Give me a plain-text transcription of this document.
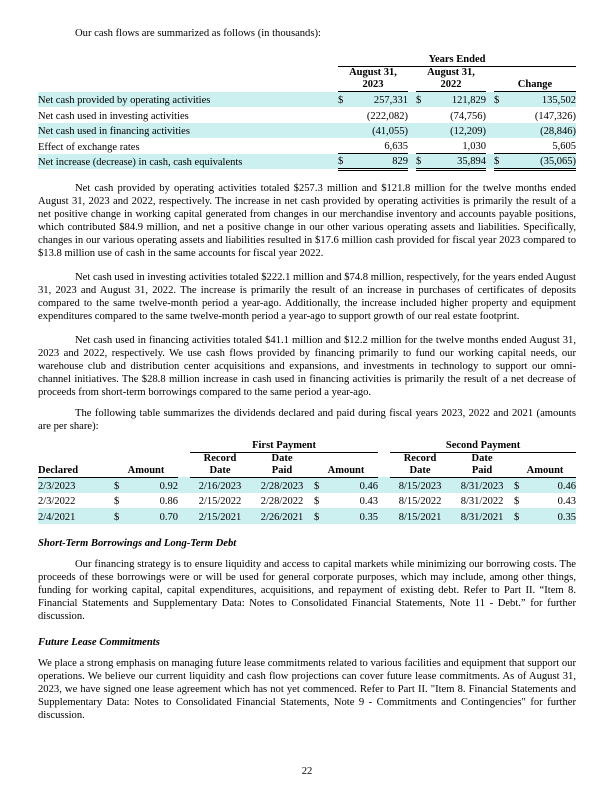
Our cash flows are summarized as follows (in thousands):

	Years Ended							

August 31,
2023

August 31,
2022		Change

Net cash provided by operating activities	$	257,331		$	121,829		$	135,502
Net cash used in investing activities		(222,082)			(74,756)			(147,326)
Net cash used in financing activities		(41,055)			(12,209)			(28,846)
Effect of exchange rates		6,635			1,030			5,605
Net increase (decrease) in cash, cash equivalents	$	829		$	35,894		$	(35,065)

Net cash provided by operating activities totaled $257.3 million and $121.8 million for the twelve months ended August 31, 2023 and 2022, respectively. The increase in net cash provided by operating activities is primarily the result of a net positive change in working capital generated from changes in our merchandise inventory and accounts payable positions, which contributed $84.9 million, and net a positive change in our other various operating assets and liabilities. Specifically, changes in our various operating assets and liabilities resulted in $17.6 million cash provided for fiscal year 2023 compared to $13.8 million use of cash in the same accounts for fiscal year 2022.

Net cash used in investing activities totaled $222.1 million and $74.8 million, respectively, for the years ended August 31, 2023 and August 31, 2022. The increase is primarily the result of an increase in purchases of certificates of deposits compared to the same twelve-month period a year-ago. Additionally, the increase included higher property and equipment expenditures compared to the same twelve-month period a year-ago to support growth of our real estate footprint.

Net cash used in financing activities totaled $41.1 million and $12.2 million for the twelve months ended August 31, 2023 and 2022, respectively. We use cash flows provided by financing primarily to fund our working capital needs, our warehouse club and distribution center acquisitions and expansions, and investments in technology to support our omni-channel initiatives. The $28.8 million increase in cash used in financing activities is primarily the result of a net decrease of proceeds from short-term borrowings compared to the same period a year-ago.

The following table summarizes the dividends declared and paid during fiscal years 2023, 2022 and 2021 (amounts are per share):

				First Payment					Second Payment			
Declared	Amount		
Record
Date

Date
Paid	Amount		
Record
Date

Date
Paid	Amount
2/3/2023	$	0.92		2/16/2023	2/28/2023	$	0.46		8/15/2023	8/31/2023	$	0.46
2/3/2022	$	0.86		2/15/2022	2/28/2022	$	0.43		8/15/2022	8/31/2022	$	0.43
2/4/2021	$	0.70		2/15/2021	2/26/2021	$	0.35		8/15/2021	8/31/2021	$	0.35
Short-Term Borrowings and Long-Term Debt

Our financing strategy is to ensure liquidity and access to capital markets while minimizing our borrowing costs. The proceeds of these borrowings were or will be used for general corporate purposes, which may include, among other things, funding for working capital, capital expenditures, acquisitions, and repayment of existing debt. Refer to Part II. “Item 8. Financial Statements and Supplementary Data: Notes to Consolidated Financial Statements, Note 11 - Debt.” for further discussion.

Future Lease Commitments

We place a strong emphasis on managing future lease commitments related to various facilities and equipment that support our operations. We believe our current liquidity and cash flow projections can cover future lease commitments. As of August 31, 2023, we have signed one lease agreement which has not yet commenced. Refer to Part II. "Item 8. Financial Statements and Supplementary Data: Notes to Consolidated Financial Statements, Note 9 - Commitments and Contingencies" for further discussion.

22
